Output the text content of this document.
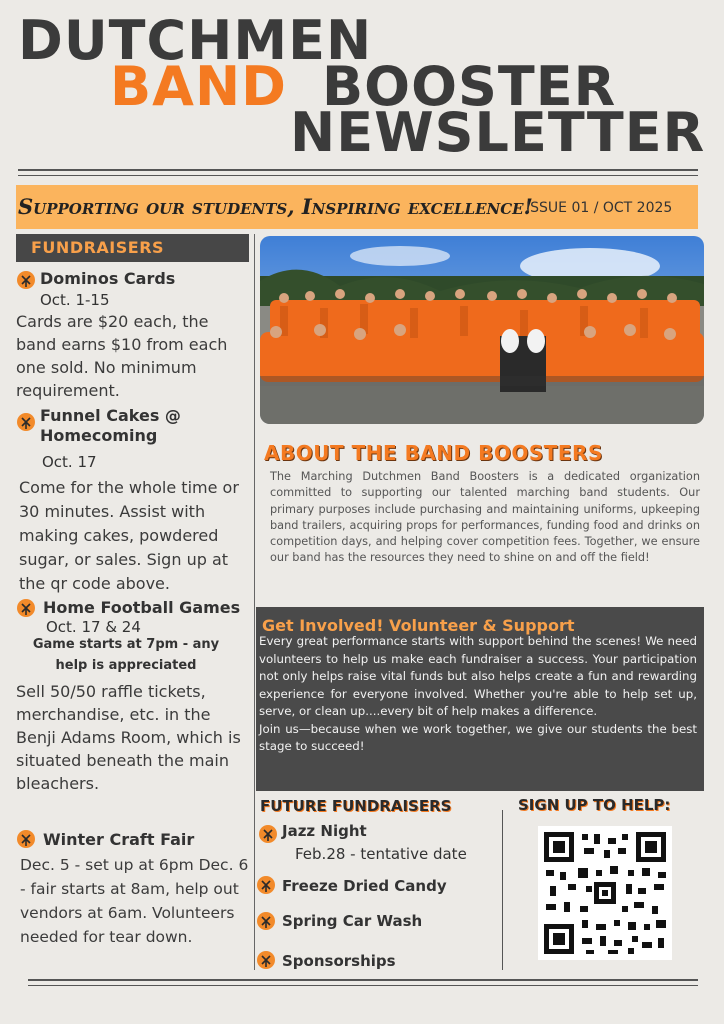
DUTCHMEN
BAND BOOSTER
NEWSLETTER
Supporting our students, Inspiring excellence!
ISSUE 01 / OCT 2025
FUNDRAISERS
Dominos Cards
Oct. 1-15
Cards are $20 each, the band earns $10 from each one sold. No minimum requirement.
Funnel Cakes @
Homecoming
Oct. 17
Come for the whole time or 30 minutes. Assist with making cakes, powdered sugar, or sales. Sign up at the qr code above.
Home Football Games
Oct. 17 & 24
Game starts at 7pm - any help is appreciated
Sell 50/50 raffle tickets, merchandise, etc. in the Benji Adams Room, which is situated beneath the main bleachers.
Winter Craft Fair
Dec. 5 - set up at 6pm Dec. 6 - fair starts at 8am, help out vendors at 6am. Volunteers needed for tear down.
ABOUT THE BAND BOOSTERS
The Marching Dutchmen Band Boosters is a dedicated organization committed to supporting our talented marching band students. Our primary purposes include purchasing and maintaining uniforms, upkeeping band trailers, acquiring props for performances, funding food and drinks on competition days, and helping cover competition fees. Together, we ensure our band has the resources they need to shine on and off the field!
Get Involved! Volunteer & Support
Every great performance starts with support behind the scenes! We need volunteers to help us make each fundraiser a success. Your participation not only helps raise vital funds but also helps create a fun and rewarding experience for everyone involved. Whether you're able to help set up, serve, or clean up....every bit of help makes a difference.
Join us—because when we work together, we give our students the best stage to succeed!
FUTURE FUNDRAISERS
Jazz Night
Feb.28 - tentative date
Freeze Dried Candy
Spring Car Wash
Sponsorships
SIGN UP TO HELP:
